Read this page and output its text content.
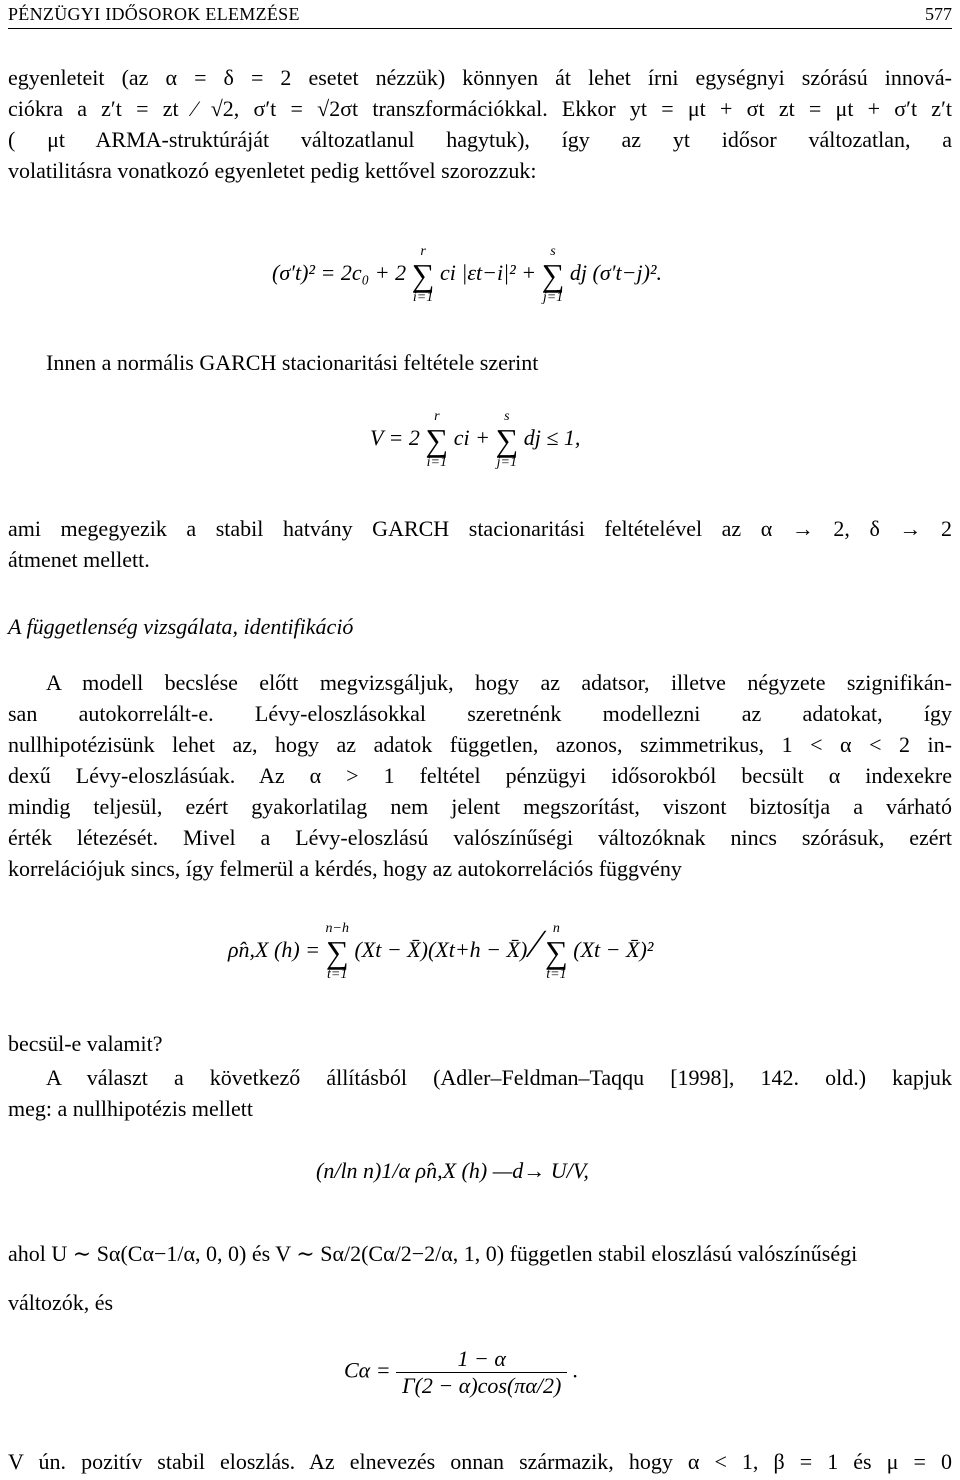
PÉNZÜGYI IDŐSOROK ELEMZÉSE	577
egyenleteit (az α = δ = 2 esetet nézzük) könnyen át lehet írni egységnyi szórású innová-
ciókra a z′t = zt ⁄ √2, σ′t = √2σt transzformációkkal. Ekkor yt = μt + σt zt = μt + σ′t z′t
( μt ARMA-struktúráját változatlanul hagytuk), így az yt idősor változatlan, a
volatilitásra vonatkozó egyenletet pedig kettővel szorozzuk:
(σ′t)² = 2c₀ + 2
r
∑
i=1
ci |εt−i|² +
s
∑
j=1
dj (σ′t−j)².
Innen a normális GARCH stacionaritási feltétele szerint
V = 2
r
∑
i=1
ci +
s
∑
j=1
dj ≤ 1,
ami megegyezik a stabil hatvány GARCH stacionaritási feltételével az α → 2, δ → 2
átmenet mellett.
A függetlenség vizsgálata, identifikáció
A modell becslése előtt megvizsgáljuk, hogy az adatsor, illetve négyzete szignifikán-
san autokorrelált-e. Lévy-eloszlásokkal szeretnénk modellezni az adatokat, így
nullhipotézisünk lehet az, hogy az adatok független, azonos, szimmetrikus, 1 < α < 2 in-
dexű Lévy-eloszlásúak. Az α > 1 feltétel pénzügyi idősorokból becsült α indexekre
mindig teljesül, ezért gyakorlatilag nem jelent megszorítást, viszont biztosítja a várható
érték létezését. Mivel a Lévy-eloszlású valószínűségi változóknak nincs szórásuk, ezért
korrelációjuk sincs, így felmerül a kérdés, hogy az autokorrelációs függvény
ρ̂n,X (h) =
n−h
∑
t=1
(Xt − X̄)(Xt+h − X̄) ∕ n
∑
t=1
(Xt − X̄)²
becsül-e valamit?
A választ a következő állításból (Adler–Feldman–Taqqu [1998], 142. old.) kapjuk
meg: a nullhipotézis mellett
(n/ln n)1/α ρ̂n,X (h) —d→ U/V,
ahol U ∼ Sα(Cα−1/α, 0, 0) és V ∼ Sα/2(Cα/2−2/α, 1, 0) független stabil eloszlású valószínűségi
változók, és
$C\alpha = \frac{1 - \alpha}{\Gamma(2 - \alpha)\cos(\pi\alpha/2)}$ .
V ún. pozitív stabil eloszlás. Az elnevezés onnan származik, hogy α < 1, β = 1 és μ = 0
